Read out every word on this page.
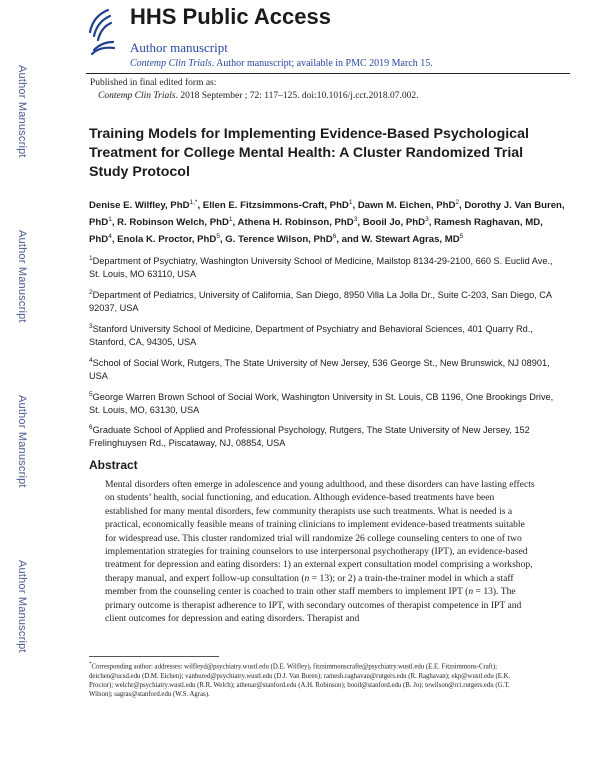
Author Manuscript
Author Manuscript
Author Manuscript
Author Manuscript
HHS Public Access
Author manuscript
Contemp Clin Trials. Author manuscript; available in PMC 2019 March 15.
Published in final edited form as:
Contemp Clin Trials. 2018 September ; 72: 117–125. doi:10.1016/j.cct.2018.07.002.
Training Models for Implementing Evidence-Based Psychological Treatment for College Mental Health: A Cluster Randomized Trial Study Protocol
Denise E. Wilfley, PhD$^{1,*}$, Ellen E. Fitzsimmons-Craft, PhD$^1$, Dawn M. Eichen, PhD$^2$, Dorothy J. Van Buren, PhD$^1$, R. Robinson Welch, PhD$^1$, Athena H. Robinson, PhD$^3$, Booil Jo, PhD$^3$, Ramesh Raghavan, MD, PhD$^4$, Enola K. Proctor, PhD$^5$, G. Terence Wilson, PhD$^6$, and W. Stewart Agras, $MD^5$
$^1$Department of Psychiatry, Washington University School of Medicine, Mailstop 8134-29-2100, 660 S. Euclid Ave., St. Louis, MO 63110, USA
$^2$Department of Pediatrics, University of California, San Diego, 8950 Villa La Jolla Dr., Suite C-203, San Diego, CA 92037, USA
$^3$Stanford University School of Medicine, Department of Psychiatry and Behavioral Sciences, 401 Quarry Rd., Stanford, CA, 94305, USA
$^4$School of Social Work, Rutgers, The State University of New Jersey, 536 George St., New Brunswick, NJ 08901, USA
$^5$George Warren Brown School of Social Work, Washington University in St. Louis, CB 1196, One Brookings Drive, St. Louis, MO, 63130, USA
$^6$Graduate School of Applied and Professional Psychology, Rutgers, The State University of New Jersey, 152 Frelinghuysen Rd., Piscataway, NJ, 08854, USA
Abstract
Mental disorders often emerge in adolescence and young adulthood, and these disorders can have lasting effects on students’ health, social functioning, and education. Although evidence-based treatments have been established for many mental disorders, few community therapists use such treatments. What is needed is a practical, economically feasible means of training clinicians to implement evidence-based treatments suitable for widespread use. This cluster randomized trial will randomize 26 college counseling centers to one of two implementation strategies for training counselors to use interpersonal psychotherapy (IPT), an evidence-based treatment for depression and eating disorders: 1) an external expert consultation model comprising a workshop, therapy manual, and expert follow-up consultation (n = 13); or 2) a train-the-trainer model in which a staff member from the counseling center is coached to train other staff members to implement IPT (n = 13). The primary outcome is therapist adherence to IPT, with secondary outcomes of therapist competence in IPT and client outcomes for depression and eating disorders. Therapist and
*Corresponding author: addresses: wilfleyd@psychiatry.wustl.edu (D.E. Wilfley), fitzsimmonscrafte@psychiatry.wustl.edu (E.E. Fitzsimmons-Craft); deichen@ucsd.edu (D.M. Eichen); vanbured@psychiatry.wustl.edu (D.J. Van Buren); ramesh.raghavan@rutgers.edu (R. Raghavan); ekp@wustl.edu (E.K. Proctor); welchr@psychiatry.wustl.edu (R.R. Welch); athenar@stanford.edu (A.H. Robinson); booil@stanford.edu (B. Jo); tewilson@rci.rutgers.edu (G.T. Wilson); sagras@stanford.edu (W.S. Agras).
